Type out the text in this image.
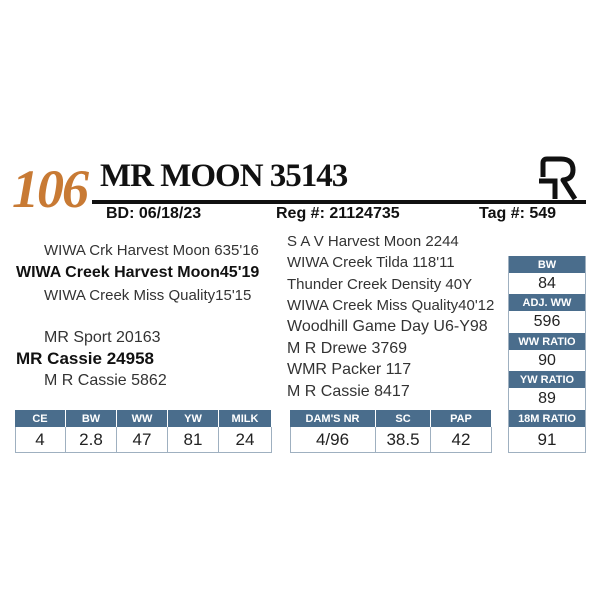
106 MR MOON 35143
BD: 06/18/23	Reg #: 21124735	Tag #: 549
WIWA Crk Harvest Moon 635'16
WIWA Creek Harvest Moon45'19
WIWA Creek Miss Quality15'15
MR Sport 20163
MR Cassie 24958
M R Cassie 5862
S A V Harvest Moon 2244
WIWA Creek Tilda 118'11
Thunder Creek Density 40Y
WIWA Creek Miss Quality40'12
Woodhill Game Day U6-Y98
M R Drewe 3769
WMR Packer 117
M R Cassie 8417
BW
84
ADJ. WW
596
WW RATIO
90
YW RATIO
89
CE	BW	WW	YW	MILK
4	2.8	47	81	24
DAM'S NR	SC	PAP
4/96	38.5	42
18M RATIO
91
